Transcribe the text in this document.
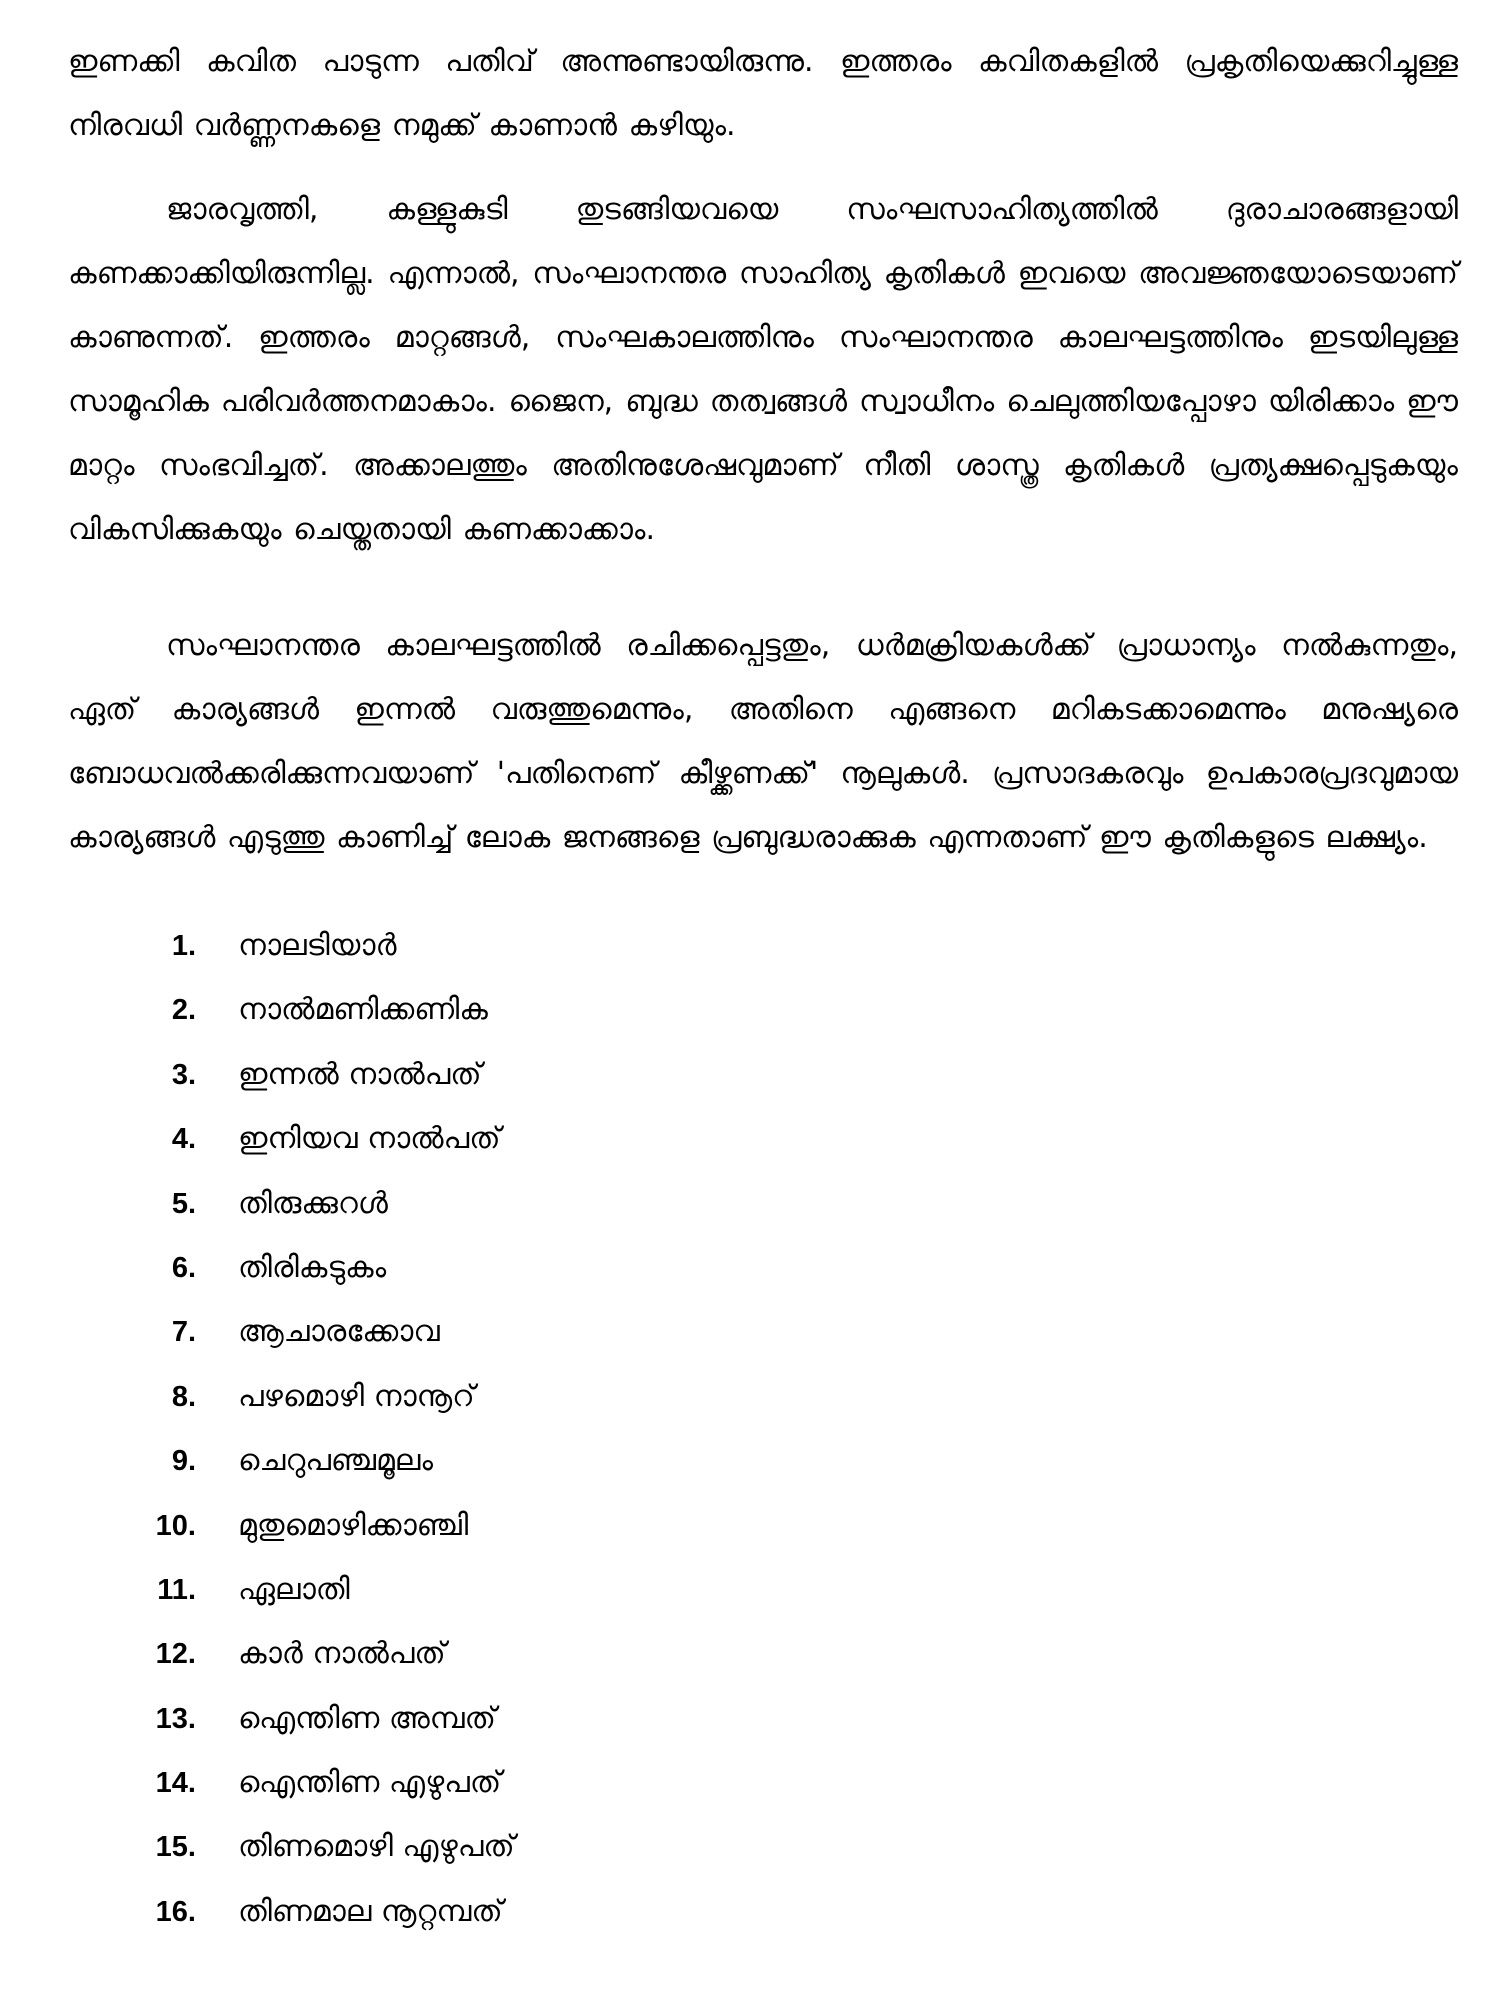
ഇണക്കി കവിത പാടുന്ന പതിവ് അന്നുണ്ടായിരുന്നു. ഇത്തരം കവിതകളിൽ പ്രകൃതിയെക്കുറിച്ചുള്ള നിരവധി വർണ്ണനകളെ നമുക്ക് കാണാൻ കഴിയും.

ജാരവൃത്തി, കള്ളുകുടി തുടങ്ങിയവയെ സംഘസാഹിത്യത്തിൽ ദുരാചാരങ്ങളായി കണക്കാക്കിയിരുന്നില്ല. എന്നാൽ, സംഘാനന്തര സാഹിത്യ കൃതികൾ ഇവയെ അവജ്ഞയോടെയാണ് കാണുന്നത്. ഇത്തരം മാറ്റങ്ങൾ, സംഘകാലത്തിനും സംഘാനന്തര കാലഘട്ടത്തിനും ഇടയിലുള്ള സാമൂഹിക പരിവർത്തനമാകാം. ജൈന, ബുദ്ധ തത്വങ്ങൾ സ്വാധീനം ചെലുത്തിയപ്പോഴാ യിരിക്കാം ഈ മാറ്റം സംഭവിച്ചത്. അക്കാലത്തും അതിനുശേഷവുമാണ് നീതി ശാസ്ത്ര കൃതികൾ പ്രത്യക്ഷപ്പെടുകയും വികസിക്കുകയും ചെയ്തതായി കണക്കാക്കാം.

സംഘാനന്തര കാലഘട്ടത്തിൽ രചിക്കപ്പെട്ടതും, ധർമക്രിയകൾക്ക് പ്രാധാന്യം നൽകുന്നതും, ഏത് കാര്യങ്ങൾ ഇന്നൽ വരുത്തുമെന്നും, അതിനെ എങ്ങനെ മറികടക്കാമെന്നും മനുഷ്യരെ ബോധവൽക്കരിക്കുന്നവയാണ് 'പതിനെണ് കീഴ്ക്കണക്ക്' നൂലുകൾ. പ്രസാദകരവും ഉപകാരപ്രദവുമായ കാര്യങ്ങൾ എടുത്തു കാണിച്ച് ലോക ജനങ്ങളെ പ്രബുദ്ധരാക്കുക എന്നതാണ് ഈ കൃതികളുടെ ലക്ഷ്യം.

1. നാലടിയാർ
2. നാൽമണിക്കണിക
3. ഇന്നൽ നാൽപത്
4. ഇനിയവ നാൽപത്
5. തിരുക്കുറൾ
6. തിരികടുകം
7. ആചാരക്കോവ
8. പഴമൊഴി നാനൂറ്
9. ചെറുപഞ്ചമൂലം
10. മുതുമൊഴിക്കാഞ്ചി
11. ഏലാതി
12. കാർ നാൽപത്
13. ഐന്തിണ അമ്പത്
14. ഐന്തിണ എഴുപത്
15. തിണമൊഴി എഴുപത്
16. തിണമാല നൂറ്റമ്പത്
